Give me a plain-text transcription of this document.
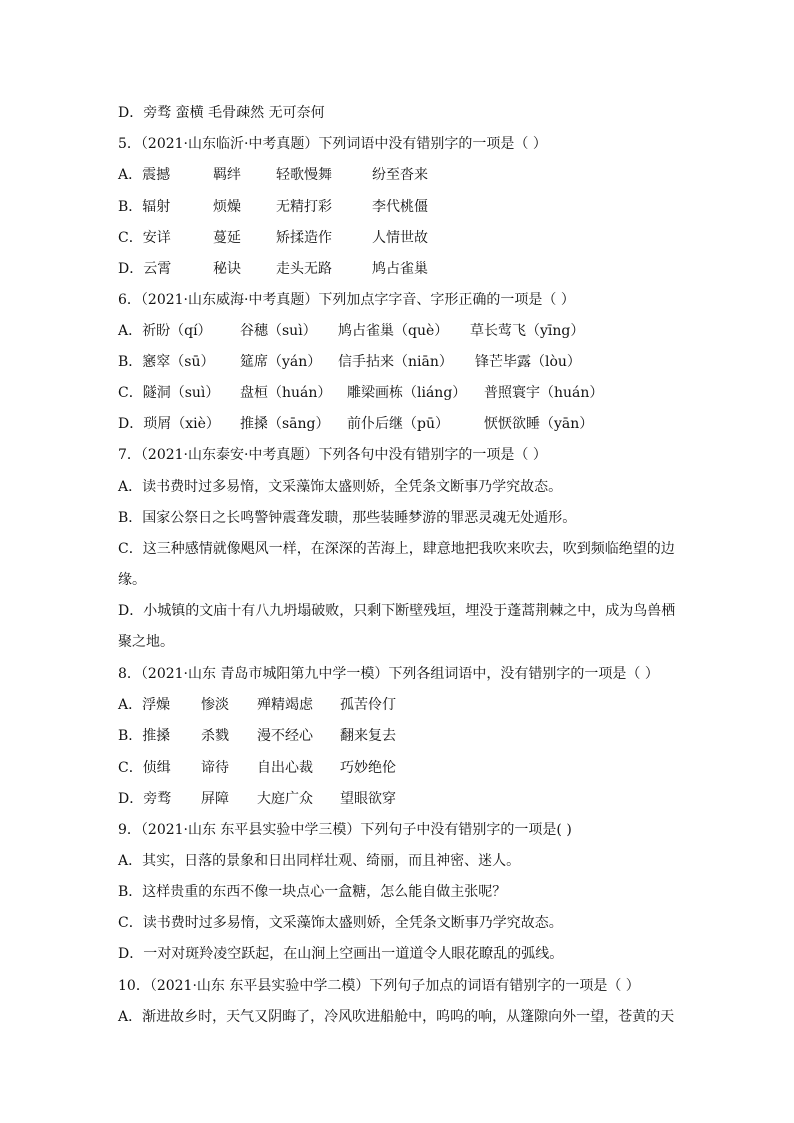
D．旁骛 蛮横 毛骨疎然 无可奈何
5．（2021·山东临沂·中考真题）下列词语中没有错别字的一项是（ ）
A．震撼	羁绊	轻歌慢舞	纷至沓来
B．辐射	烦燥	无精打彩	李代桃僵
C．安详	蔓延	矫揉造作	人情世故
D．云霄	秘诀	走头无路	鸠占雀巢
6．（2021·山东威海·中考真题）下列加点字字音、字形正确的一项是（ ）
A．祈盼（qí） 谷穗（suì） 鸠占雀巢（què） 草长莺飞（yīng）
B．窸窣（sū） 筵席（yán） 信手拈来（niān） 锋芒毕露（lòu）
C．隧洞（suì） 盘桓（huán） 雕梁画栋（liáng） 普照寰宇（huán）
D．琐屑（xiè） 推搡（sāng） 前仆后继（pū）	恹恹欲睡（yān）
7．（2021·山东泰安·中考真题）下列各句中没有错别字的一项是（ ）
A．读书费时过多易惰，文采藻饰太盛则娇，全凭条文断事乃学究故态。
B．国家公祭日之长鸣警钟震聋发聩，那些装睡梦游的罪恶灵魂无处遁形。
C．这三种感情就像飓风一样，在深深的苦海上，肆意地把我吹来吹去，吹到频临绝望的边
缘。
D．小城镇的文庙十有八九坍塌破败，只剩下断壁残垣，埋没于蓬蒿荆棘之中，成为鸟兽栖
聚之地。
8．（2021·山东 青岛市城阳第九中学一模）下列各组词语中，没有错别字的一项是（ ）
A．浮燥 惨淡 殚精竭虑 孤苦伶仃
B．推搡 杀戮 漫不经心 翻来复去
C．侦缉 谛待 自出心裁 巧妙绝伦
D．旁骛 屏障 大庭广众 望眼欲穿
9．（2021·山东 东平县实验中学三模）下列句子中没有错别字的一项是( )
A．其实，日落的景象和日出同样壮观、绮丽，而且神密、迷人。
B．这样贵重的东西不像一块点心一盒糖，怎么能自做主张呢？
C．读书费时过多易惰，文采藻饰太盛则娇，全凭条文断事乃学究故态。
D．一对对斑羚凌空跃起，在山涧上空画出一道道令人眼花瞭乱的弧线。
10．（2021·山东 东平县实验中学二模）下列句子加点的词语有错别字的一项是（ ）
A．渐进故乡时，天气又阴晦了，冷风吹进船舱中，呜呜的响，从篷隙向外一望，苍黄的天
